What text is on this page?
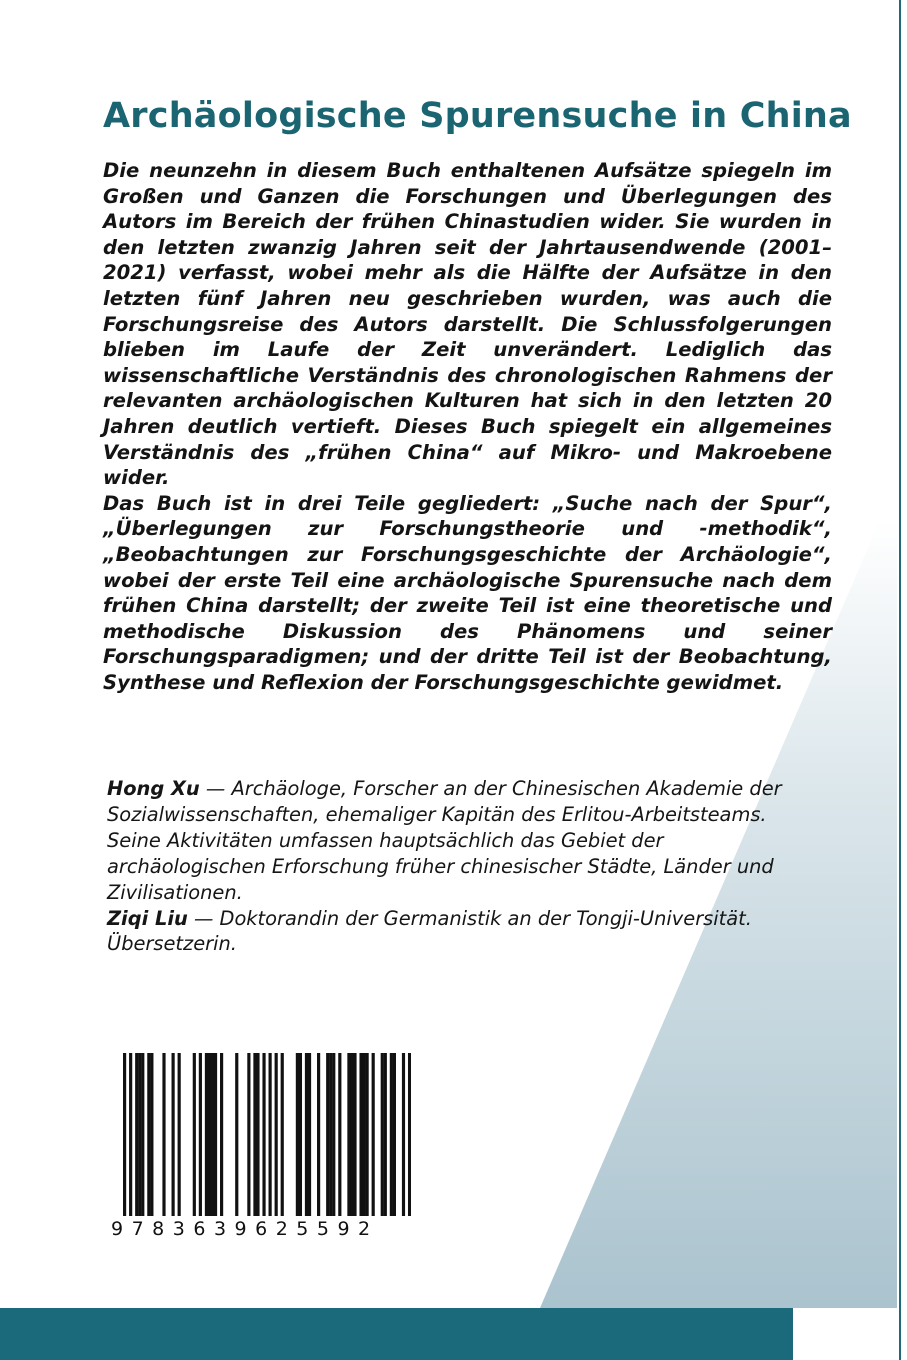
Archäologische Spurensuche in China

Die neunzehn in diesem Buch enthaltenen Aufsätze spiegeln im Großen und Ganzen die Forschungen und Überlegungen des Autors im Bereich der frühen Chinastudien wider. Sie wurden in den letzten zwanzig Jahren seit der Jahrtausendwende (2001–2021) verfasst, wobei mehr als die Hälfte der Aufsätze in den letzten fünf Jahren neu geschrieben wurden, was auch die Forschungsreise des Autors darstellt. Die Schlussfolgerungen blieben im Laufe der Zeit unverändert. Lediglich das wissenschaftliche Verständnis des chronologischen Rahmens der relevanten archäologischen Kulturen hat sich in den letzten 20 Jahren deutlich vertieft. Dieses Buch spiegelt ein allgemeines Verständnis des „frühen China“ auf Mikro- und Makroebene wider.

Das Buch ist in drei Teile gegliedert: „Suche nach der Spur“, „Überlegungen zur Forschungstheorie und -methodik“, „Beobachtungen zur Forschungsgeschichte der Archäologie“, wobei der erste Teil eine archäologische Spurensuche nach dem frühen China darstellt; der zweite Teil ist eine theoretische und methodische Diskussion des Phänomens und seiner Forschungsparadigmen; und der dritte Teil ist der Beobachtung, Synthese und Reflexion der Forschungsgeschichte gewidmet.

Hong Xu — Archäologe, Forscher an der Chinesischen Akademie der Sozialwissenschaften, ehemaliger Kapitän des Erlitou-Arbeitsteams. Seine Aktivitäten umfassen hauptsächlich das Gebiet der archäologischen Erforschung früher chinesischer Städte, Länder und Zivilisationen.

Ziqi Liu — Doktorandin der Germanistik an der Tongji-Universität. Übersetzerin.

9783639625592
